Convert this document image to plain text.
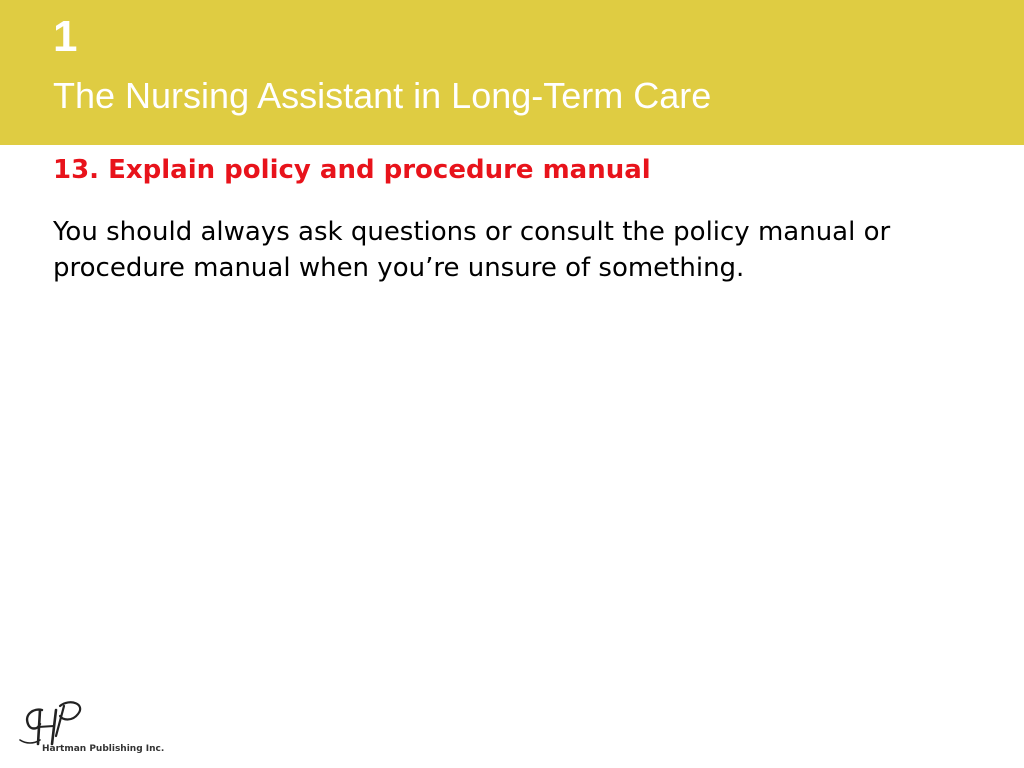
1
The Nursing Assistant in Long-Term Care
13. Explain policy and procedure manual
You should always ask questions or consult the policy manual or procedure manual when you’re unsure of something.
Hartman Publishing Inc.
